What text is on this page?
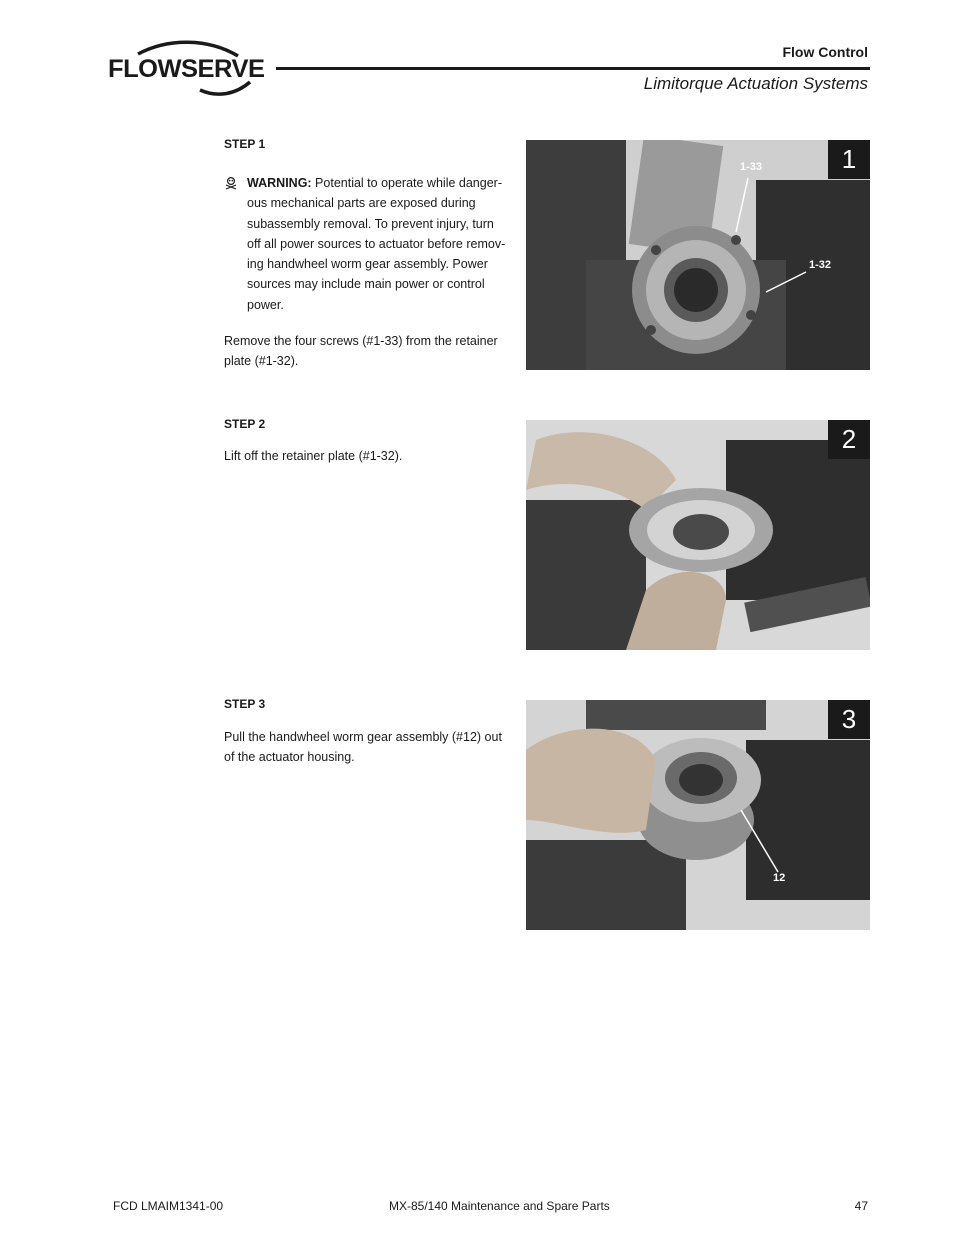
FLOWSERVE
Flow Control
Limitorque Actuation Systems
STEP 1
WARNING: Potential to operate while danger-ous mechanical parts are exposed during subassembly removal. To prevent injury, turn off all power sources to actuator before remov-ing handwheel worm gear assembly. Power sources may include main power or control power.
Remove the four screws (#1-33) from the retainer plate (#1-32).
1-33
1-32
1
STEP 2
Lift off the retainer plate (#1-32).
2
STEP 3
Pull the handwheel worm gear assembly (#12) out of the actuator housing.
12
3
FCD LMAIM1341-00	MX-85/140 Maintenance and Spare Parts	47
